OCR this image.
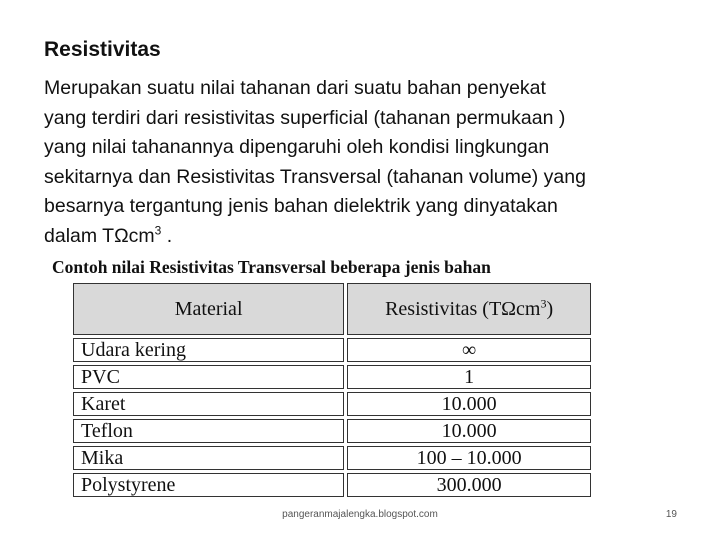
Resistivitas

Merupakan suatu nilai tahanan dari suatu bahan penyekat
yang terdiri dari resistivitas superficial (tahanan permukaan )
yang nilai tahanannya dipengaruhi oleh kondisi lingkungan
sekitarnya dan Resistivitas Transversal (tahanan volume) yang
besarnya tergantung jenis bahan dielektrik yang dinyatakan
dalam TΩcm$^3$ .

Contoh nilai Resistivitas Transversal beberapa jenis bahan
Material	Resistivitas (TΩcm$^3$)
Udara kering	∞
PVC	1
Karet	10.000
Teflon	10.000
Mika	100 – 10.000
Polystyrene	300.000
pangeranmajalengka.blogspot.com	19
